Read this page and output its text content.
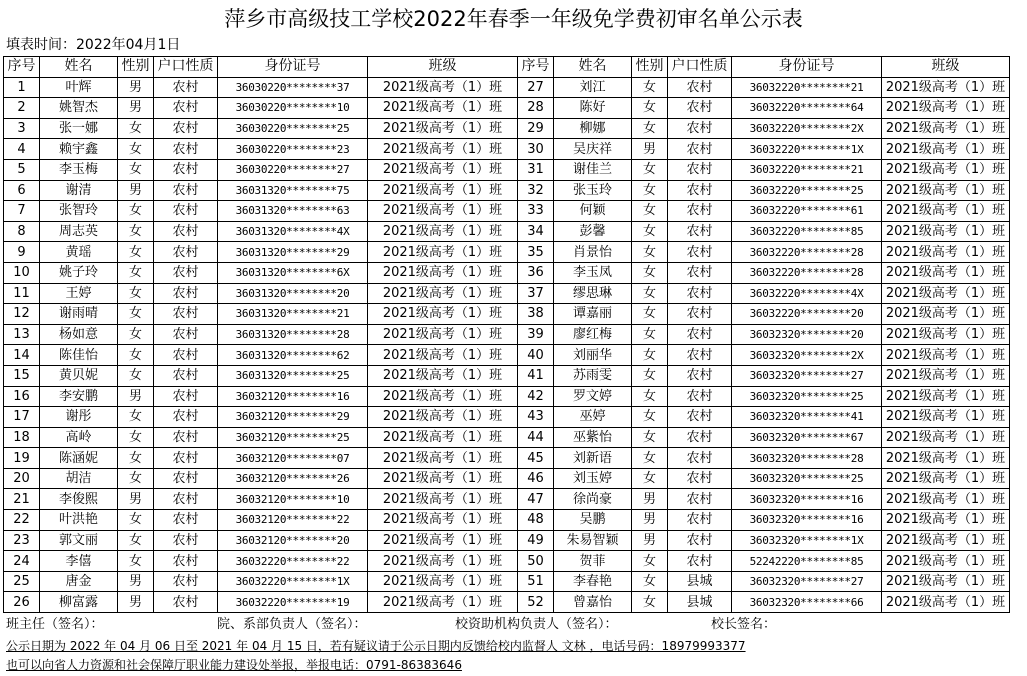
萍乡市高级技工学校2022年春季一年级免学费初审名单公示表
填表时间：2022年04月1日
序号	姓名	性别	户口性质	身份证号	班级	序号	姓名	性别	户口性质	身份证号	班级
1	叶辉	男	农村	36030220********37	2021级高考（1）班	27	刘江	女	农村	36032220********21	2021级高考（1）班
2	姚智杰	男	农村	36030220********10	2021级高考（1）班	28	陈好	女	农村	36032220********64	2021级高考（1）班
3	张一娜	女	农村	36030220********25	2021级高考（1）班	29	柳娜	女	农村	36032220********2X	2021级高考（1）班
4	赖宇鑫	女	农村	36030220********23	2021级高考（1）班	30	吴庆祥	男	农村	36032220********1X	2021级高考（1）班
5	李玉梅	女	农村	36030220********27	2021级高考（1）班	31	谢佳兰	女	农村	36032220********21	2021级高考（1）班
6	谢清	男	农村	36031320********75	2021级高考（1）班	32	张玉玲	女	农村	36032220********25	2021级高考（1）班
7	张智玲	女	农村	36031320********63	2021级高考（1）班	33	何颖	女	农村	36032220********61	2021级高考（1）班
8	周志英	女	农村	36031320********4X	2021级高考（1）班	34	彭馨	女	农村	36032220********85	2021级高考（1）班
9	黄瑶	女	农村	36031320********29	2021级高考（1）班	35	肖景怡	女	农村	36032220********28	2021级高考（1）班
10	姚子玲	女	农村	36031320********6X	2021级高考（1）班	36	李玉凤	女	农村	36032220********28	2021级高考（1）班
11	王婷	女	农村	36031320********20	2021级高考（1）班	37	缪思琳	女	农村	36032220********4X	2021级高考（1）班
12	谢雨晴	女	农村	36031320********21	2021级高考（1）班	38	谭嘉丽	女	农村	36032220********20	2021级高考（1）班
13	杨如意	女	农村	36031320********28	2021级高考（1）班	39	廖红梅	女	农村	36032320********20	2021级高考（1）班
14	陈佳怡	女	农村	36031320********62	2021级高考（1）班	40	刘丽华	女	农村	36032320********2X	2021级高考（1）班
15	黄贝妮	女	农村	36031320********25	2021级高考（1）班	41	苏雨雯	女	农村	36032320********27	2021级高考（1）班
16	李安鹏	男	农村	36032120********16	2021级高考（1）班	42	罗文婷	女	农村	36032320********25	2021级高考（1）班
17	谢彤	女	农村	36032120********29	2021级高考（1）班	43	巫婷	女	农村	36032320********41	2021级高考（1）班
18	高岭	女	农村	36032120********25	2021级高考（1）班	44	巫紫怡	女	农村	36032320********67	2021级高考（1）班
19	陈涵妮	女	农村	36032120********07	2021级高考（1）班	45	刘新语	女	农村	36032320********28	2021级高考（1）班
20	胡洁	女	农村	36032120********26	2021级高考（1）班	46	刘玉婷	女	农村	36032320********25	2021级高考（1）班
21	李俊熙	男	农村	36032120********10	2021级高考（1）班	47	徐尚豪	男	农村	36032320********16	2021级高考（1）班
22	叶洪艳	女	农村	36032120********22	2021级高考（1）班	48	吴鹏	男	农村	36032320********16	2021级高考（1）班
23	郭文丽	女	农村	36032120********20	2021级高考（1）班	49	朱易智颖	男	农村	36032320********1X	2021级高考（1）班
24	李僖	女	农村	36032220********22	2021级高考（1）班	50	贺菲	女	农村	52242220********85	2021级高考（1）班
25	唐金	男	农村	36032220********1X	2021级高考（1）班	51	李春艳	女	县城	36032320********27	2021级高考（1）班
26	柳富露	男	农村	36032220********19	2021级高考（1）班	52	曾嘉怡	女	县城	36032320********66	2021级高考（1）班
班主任（签名）：	院、系部负责人（签名）：	校资助机构负责人（签名）：	校长签名：
公示日期为 2022 年 04 月 06 日至 2021 年 04 月 15 日，若有疑议请于公示日期内反馈给校内监督人 文林 ，电话号码：18979993377
也可以向省人力资源和社会保障厅职业能力建设处举报，举报电话：0791-86383646
